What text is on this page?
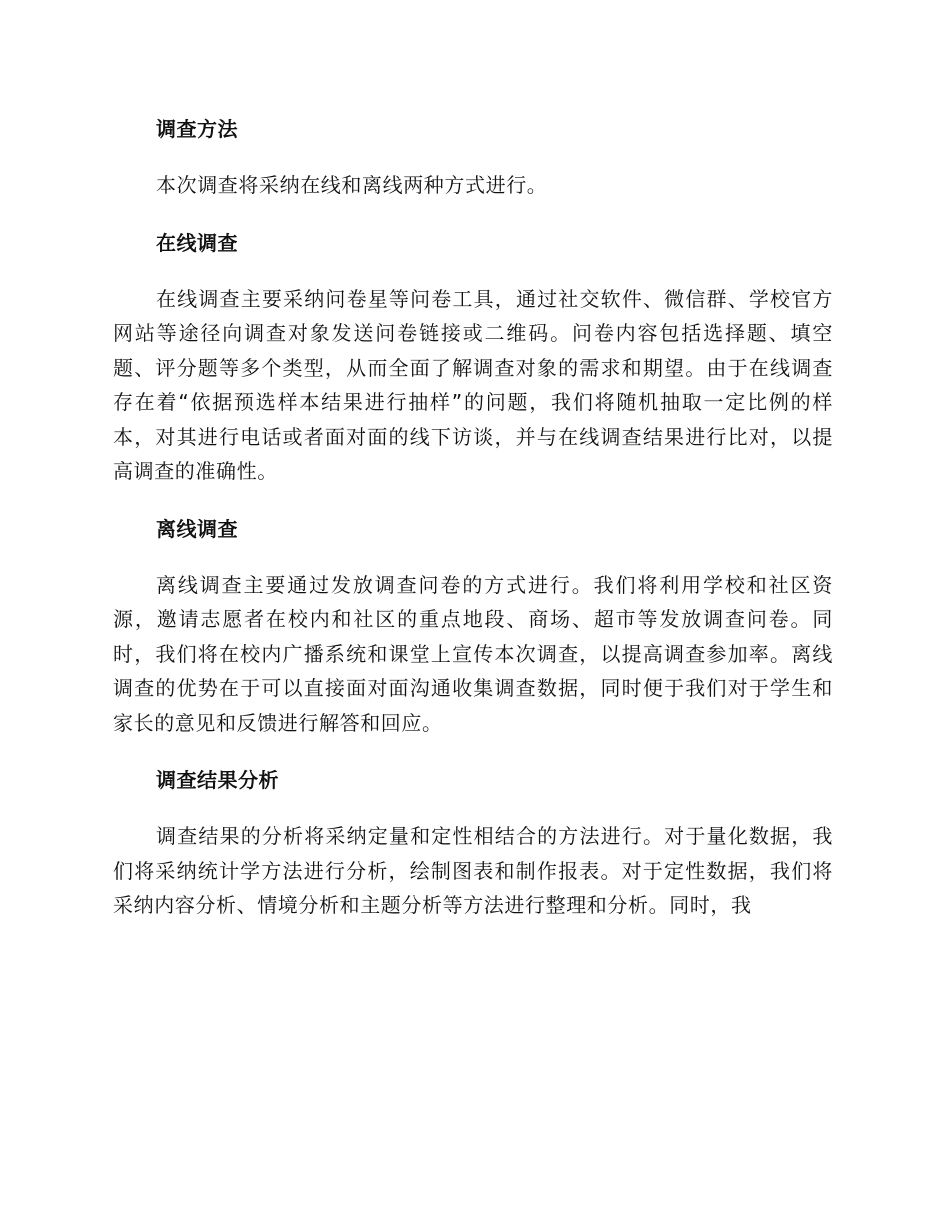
调查方法

本次调查将采纳在线和离线两种方式进行。

在线调查

在线调查主要采纳问卷星等问卷工具，通过社交软件、微信群、学校官方网站等途径向调查对象发送问卷链接或二维码。问卷内容包括选择题、填空题、评分题等多个类型，从而全面了解调查对象的需求和期望。由于在线调查存在着“依据预选样本结果进行抽样”的问题，我们将随机抽取一定比例的样本，对其进行电话或者面对面的线下访谈，并与在线调查结果进行比对，以提高调查的准确性。

离线调查

离线调查主要通过发放调查问卷的方式进行。我们将利用学校和社区资源，邀请志愿者在校内和社区的重点地段、商场、超市等发放调查问卷。同时，我们将在校内广播系统和课堂上宣传本次调查，以提高调查参加率。离线调查的优势在于可以直接面对面沟通收集调查数据，同时便于我们对于学生和家长的意见和反馈进行解答和回应。

调查结果分析

调查结果的分析将采纳定量和定性相结合的方法进行。对于量化数据，我们将采纳统计学方法进行分析，绘制图表和制作报表。对于定性数据，我们将采纳内容分析、情境分析和主题分析等方法进行整理和分析。同时，我
